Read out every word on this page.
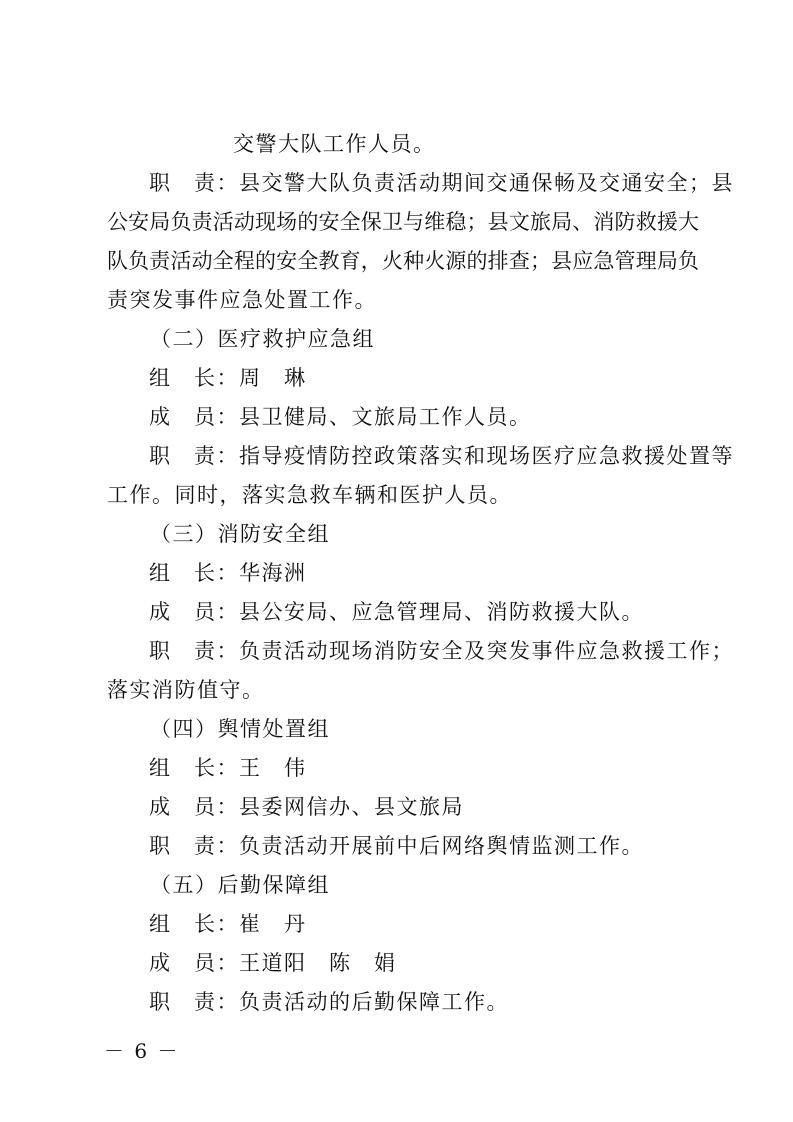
交警大队工作人员。
职　责：县交警大队负责活动期间交通保畅及交通安全；县
公安局负责活动现场的安全保卫与维稳；县文旅局、消防救援大
队负责活动全程的安全教育，火种火源的排查；县应急管理局负
责突发事件应急处置工作。
（二）医疗救护应急组
组　长：周　琳
成　员：县卫健局、文旅局工作人员。
职　责：指导疫情防控政策落实和现场医疗应急救援处置等
工作。同时，落实急救车辆和医护人员。
（三）消防安全组
组　长：华海洲
成　员：县公安局、应急管理局、消防救援大队。
职　责：负责活动现场消防安全及突发事件应急救援工作；
落实消防值守。
（四）舆情处置组
组　长：王　伟
成　员：县委网信办、县文旅局
职　责：负责活动开展前中后网络舆情监测工作。
（五）后勤保障组
组　长：崔　丹
成　员：王道阳　陈　娟
职　责：负责活动的后勤保障工作。
－ 6 －
